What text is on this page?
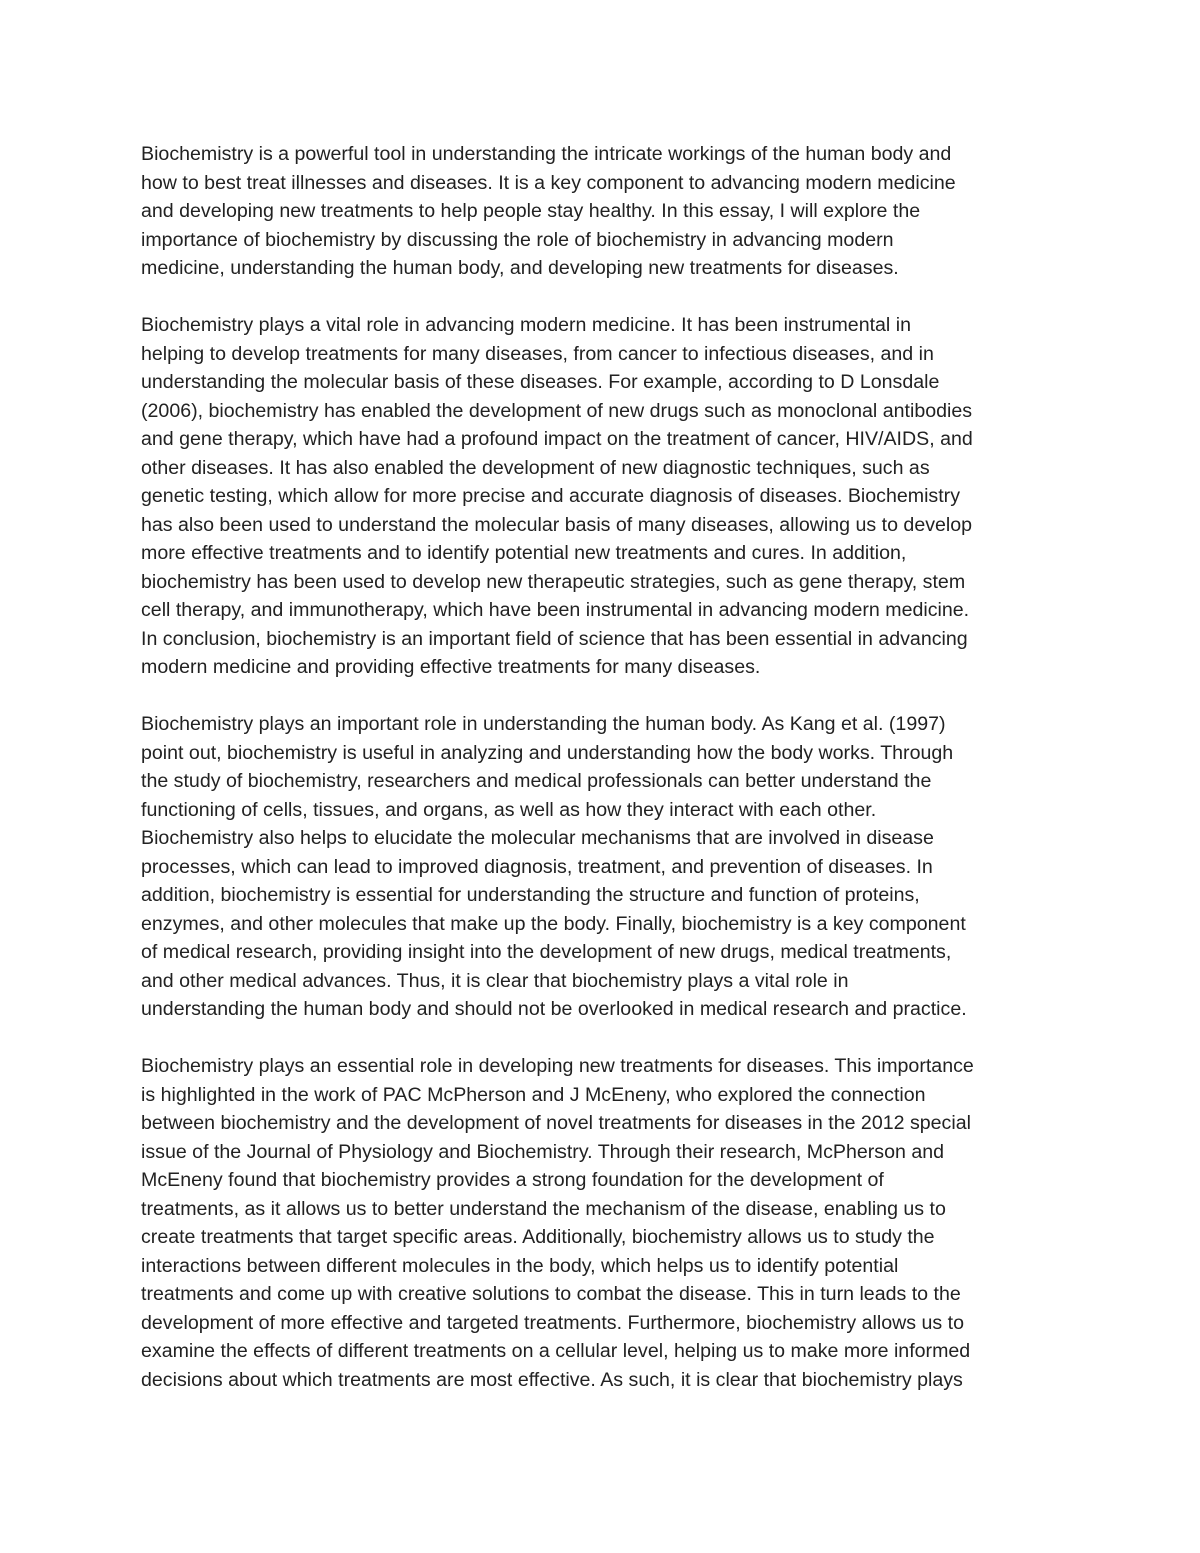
Biochemistry is a powerful tool in understanding the intricate workings of the human body and
how to best treat illnesses and diseases. It is a key component to advancing modern medicine
and developing new treatments to help people stay healthy. In this essay, I will explore the
importance of biochemistry by discussing the role of biochemistry in advancing modern
medicine, understanding the human body, and developing new treatments for diseases.

Biochemistry plays a vital role in advancing modern medicine. It has been instrumental in
helping to develop treatments for many diseases, from cancer to infectious diseases, and in
understanding the molecular basis of these diseases. For example, according to D Lonsdale
(2006), biochemistry has enabled the development of new drugs such as monoclonal antibodies
and gene therapy, which have had a profound impact on the treatment of cancer, HIV/AIDS, and
other diseases. It has also enabled the development of new diagnostic techniques, such as
genetic testing, which allow for more precise and accurate diagnosis of diseases. Biochemistry
has also been used to understand the molecular basis of many diseases, allowing us to develop
more effective treatments and to identify potential new treatments and cures. In addition,
biochemistry has been used to develop new therapeutic strategies, such as gene therapy, stem
cell therapy, and immunotherapy, which have been instrumental in advancing modern medicine.
In conclusion, biochemistry is an important field of science that has been essential in advancing
modern medicine and providing effective treatments for many diseases.

Biochemistry plays an important role in understanding the human body. As Kang et al. (1997)
point out, biochemistry is useful in analyzing and understanding how the body works. Through
the study of biochemistry, researchers and medical professionals can better understand the
functioning of cells, tissues, and organs, as well as how they interact with each other.
Biochemistry also helps to elucidate the molecular mechanisms that are involved in disease
processes, which can lead to improved diagnosis, treatment, and prevention of diseases. In
addition, biochemistry is essential for understanding the structure and function of proteins,
enzymes, and other molecules that make up the body. Finally, biochemistry is a key component
of medical research, providing insight into the development of new drugs, medical treatments,
and other medical advances. Thus, it is clear that biochemistry plays a vital role in
understanding the human body and should not be overlooked in medical research and practice.

Biochemistry plays an essential role in developing new treatments for diseases. This importance
is highlighted in the work of PAC McPherson and J McEneny, who explored the connection
between biochemistry and the development of novel treatments for diseases in the 2012 special
issue of the Journal of Physiology and Biochemistry. Through their research, McPherson and
McEneny found that biochemistry provides a strong foundation for the development of
treatments, as it allows us to better understand the mechanism of the disease, enabling us to
create treatments that target specific areas. Additionally, biochemistry allows us to study the
interactions between different molecules in the body, which helps us to identify potential
treatments and come up with creative solutions to combat the disease. This in turn leads to the
development of more effective and targeted treatments. Furthermore, biochemistry allows us to
examine the effects of different treatments on a cellular level, helping us to make more informed
decisions about which treatments are most effective. As such, it is clear that biochemistry plays
